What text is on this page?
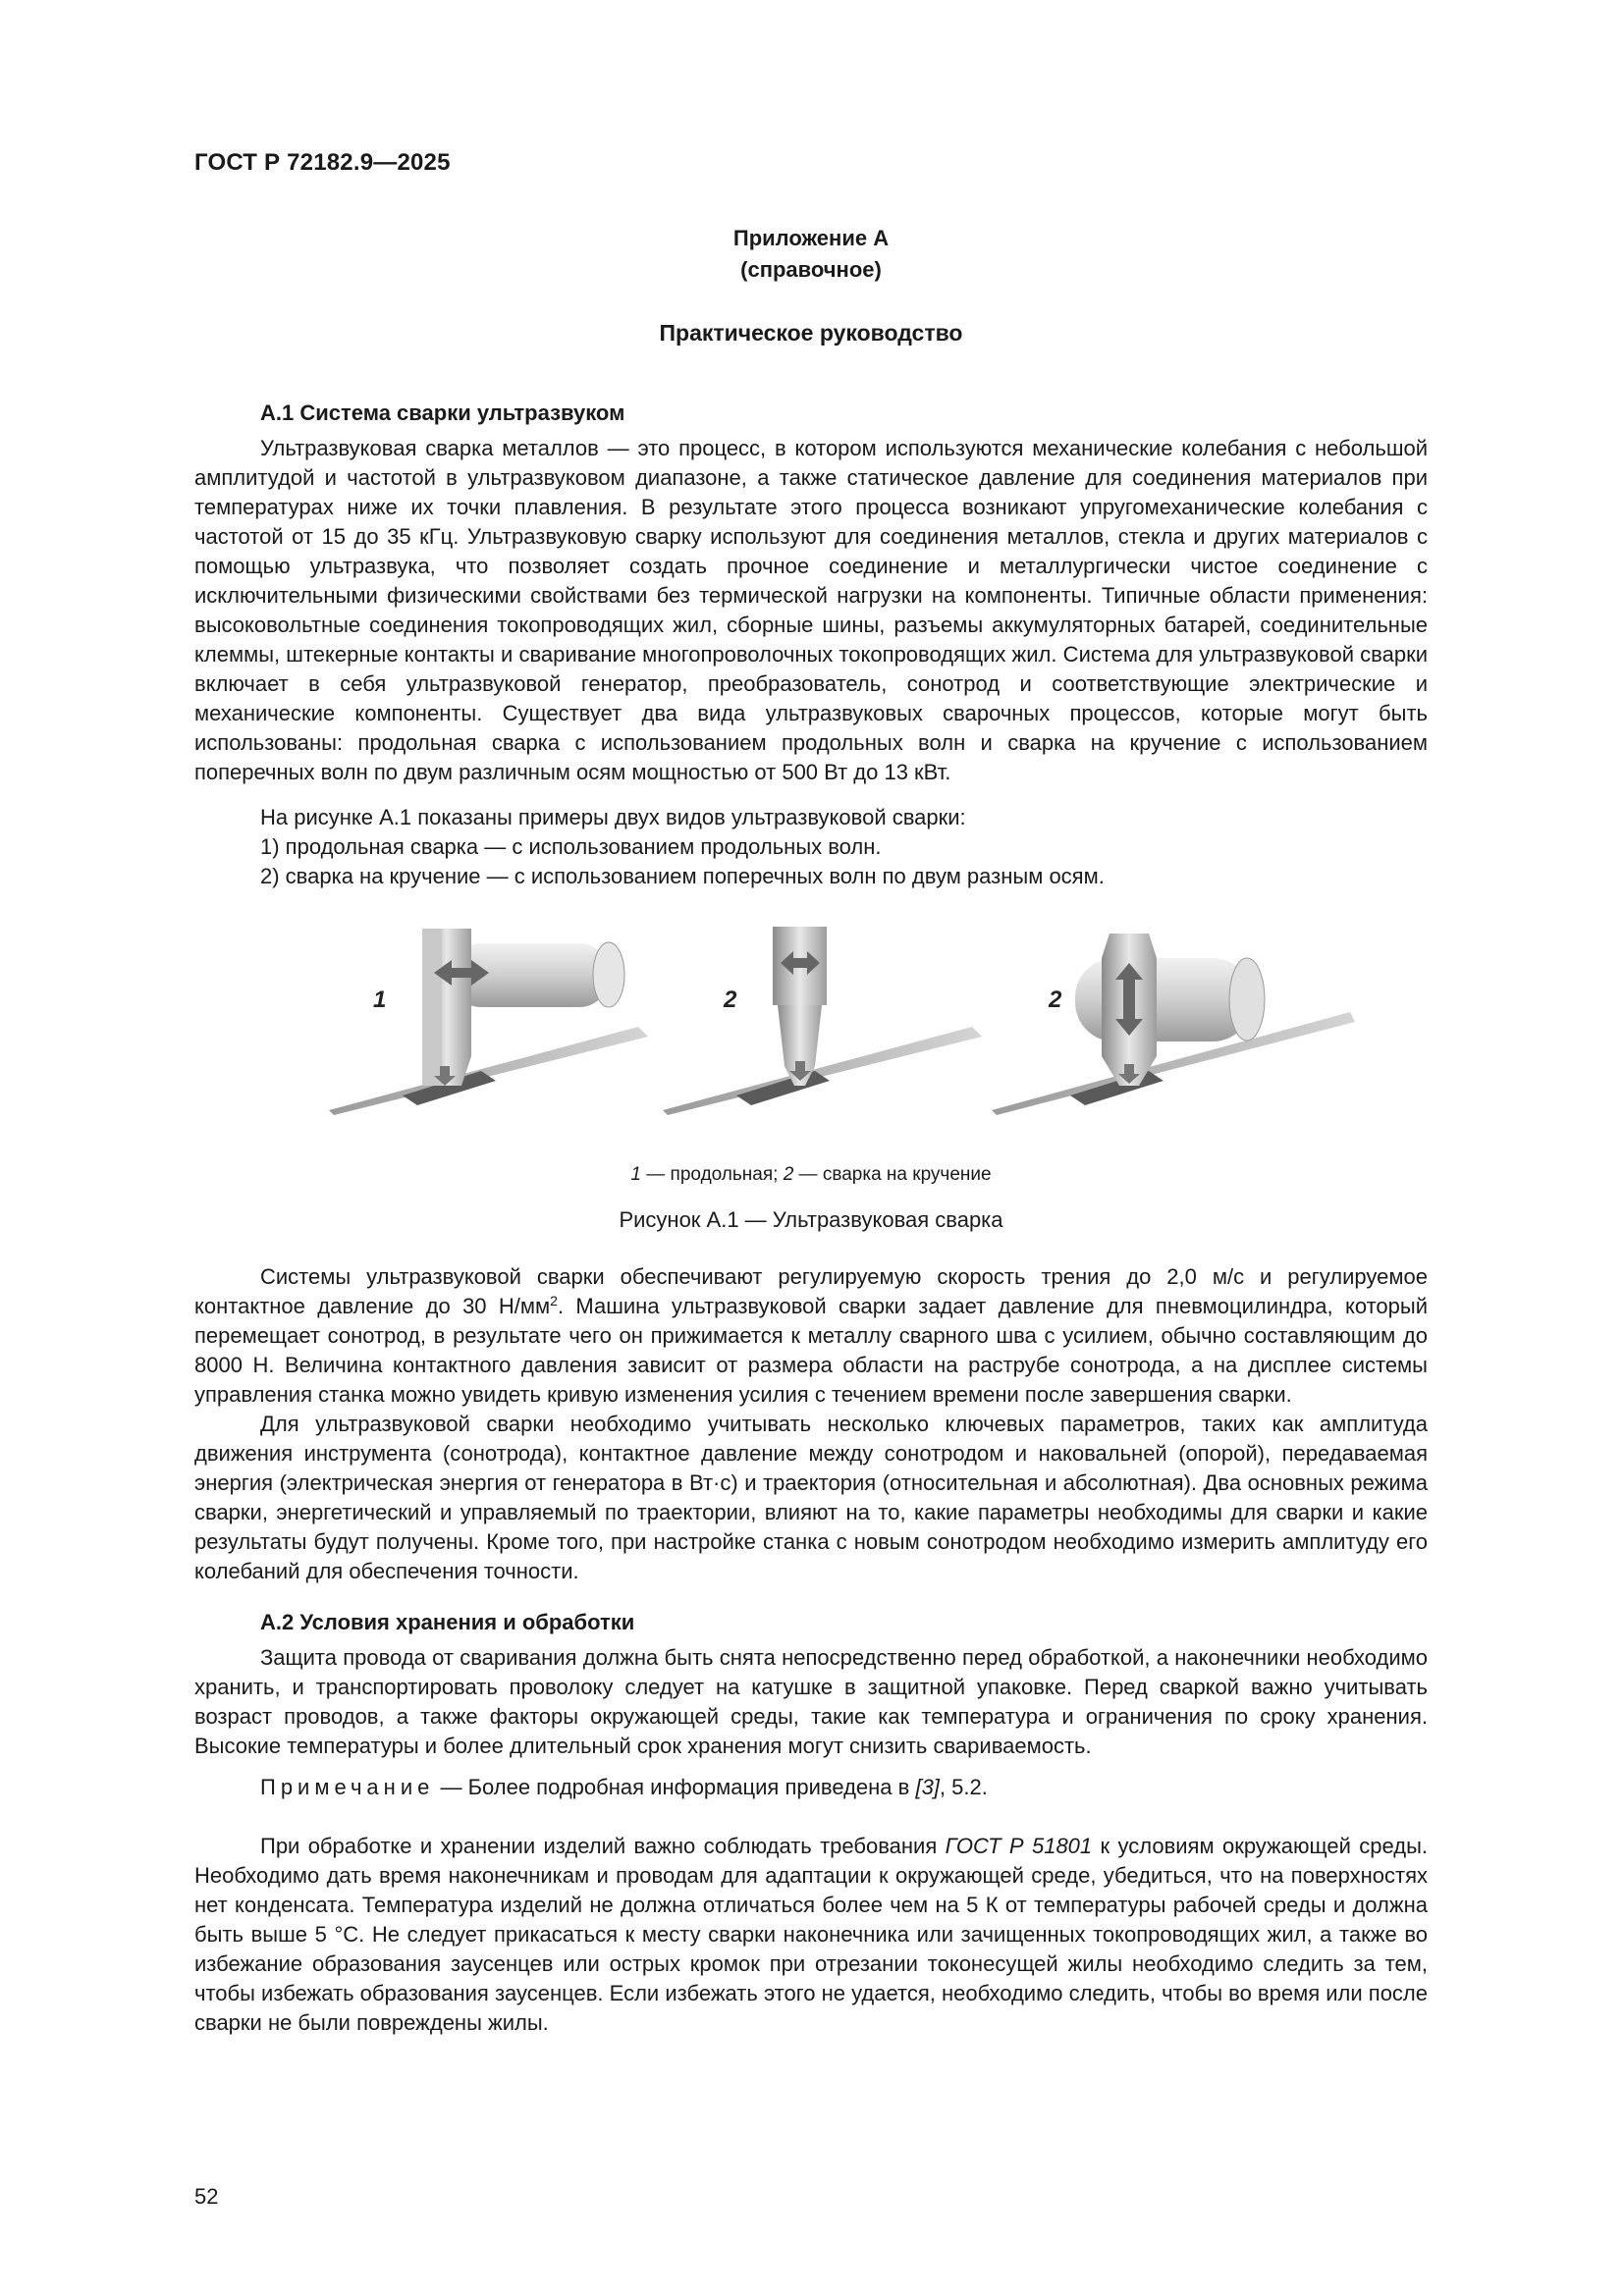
ГОСТ Р 72182.9—2025
Приложение А
(справочное)
Практическое руководство
А.1 Система сварки ультразвуком
Ультразвуковая сварка металлов — это процесс, в котором используются механические колебания с небольшой амплитудой и частотой в ультразвуковом диапазоне, а также статическое давление для соединения материалов при температурах ниже их точки плавления. В результате этого процесса возникают упругомеханические колебания с частотой от 15 до 35 кГц. Ультразвуковую сварку используют для соединения металлов, стекла и других материалов с помощью ультразвука, что позволяет создать прочное соединение и металлургически чистое соединение с исключительными физическими свойствами без термической нагрузки на компоненты. Типичные области применения: высоковольтные соединения токопроводящих жил, сборные шины, разъемы аккумуляторных батарей, соединительные клеммы, штекерные контакты и сваривание многопроволочных токопроводящих жил. Система для ультразвуковой сварки включает в себя ультразвуковой генератор, преобразователь, сонотрод и соответствующие электрические и механические компоненты. Существует два вида ультразвуковых сварочных процессов, которые могут быть использованы: продольная сварка с использованием продольных волн и сварка на кручение с использованием поперечных волн по двум различным осям мощностью от 500 Вт до 13 кВт.
На рисунке А.1 показаны примеры двух видов ультразвуковой сварки:
1) продольная сварка — с использованием продольных волн.
2) сварка на кручение — с использованием поперечных волн по двум разным осям.
1	2	2
1 — продольная; 2 — сварка на кручение
Рисунок А.1 — Ультразвуковая сварка
Системы ультразвуковой сварки обеспечивают регулируемую скорость трения до 2,0 м/с и регулируемое контактное давление до 30 $Н/мм^2$. Машина ультразвуковой сварки задает давление для пневмоцилиндра, который перемещает сонотрод, в результате чего он прижимается к металлу сварного шва с усилием, обычно составляющим до 8000 Н. Величина контактного давления зависит от размера области на раструбе сонотрода, а на дисплее системы управления станка можно увидеть кривую изменения усилия с течением времени после завершения сварки.
Для ультразвуковой сварки необходимо учитывать несколько ключевых параметров, таких как амплитуда движения инструмента (сонотрода), контактное давление между сонотродом и наковальней (опорой), передаваемая энергия (электрическая энергия от генератора в Вт·с) и траектория (относительная и абсолютная). Два основных режима сварки, энергетический и управляемый по траектории, влияют на то, какие параметры необходимы для сварки и какие результаты будут получены. Кроме того, при настройке станка с новым сонотродом необходимо измерить амплитуду его колебаний для обеспечения точности.
А.2 Условия хранения и обработки
Защита провода от сваривания должна быть снята непосредственно перед обработкой, а наконечники необходимо хранить, и транспортировать проволоку следует на катушке в защитной упаковке. Перед сваркой важно учитывать возраст проводов, а также факторы окружающей среды, такие как температура и ограничения по сроку хранения. Высокие температуры и более длительный срок хранения могут снизить свариваемость.
Примечание — Более подробная информация приведена в [3], 5.2.
При обработке и хранении изделий важно соблюдать требования ГОСТ Р 51801 к условиям окружающей среды. Необходимо дать время наконечникам и проводам для адаптации к окружающей среде, убедиться, что на поверхностях нет конденсата. Температура изделий не должна отличаться более чем на 5 К от температуры рабочей среды и должна быть выше 5 °С. Не следует прикасаться к месту сварки наконечника или зачищенных токопроводящих жил, а также во избежание образования заусенцев или острых кромок при отрезании токонесущей жилы необходимо следить за тем, чтобы избежать образования заусенцев. Если избежать этого не удается, необходимо следить, чтобы во время или после сварки не были повреждены жилы.
52
